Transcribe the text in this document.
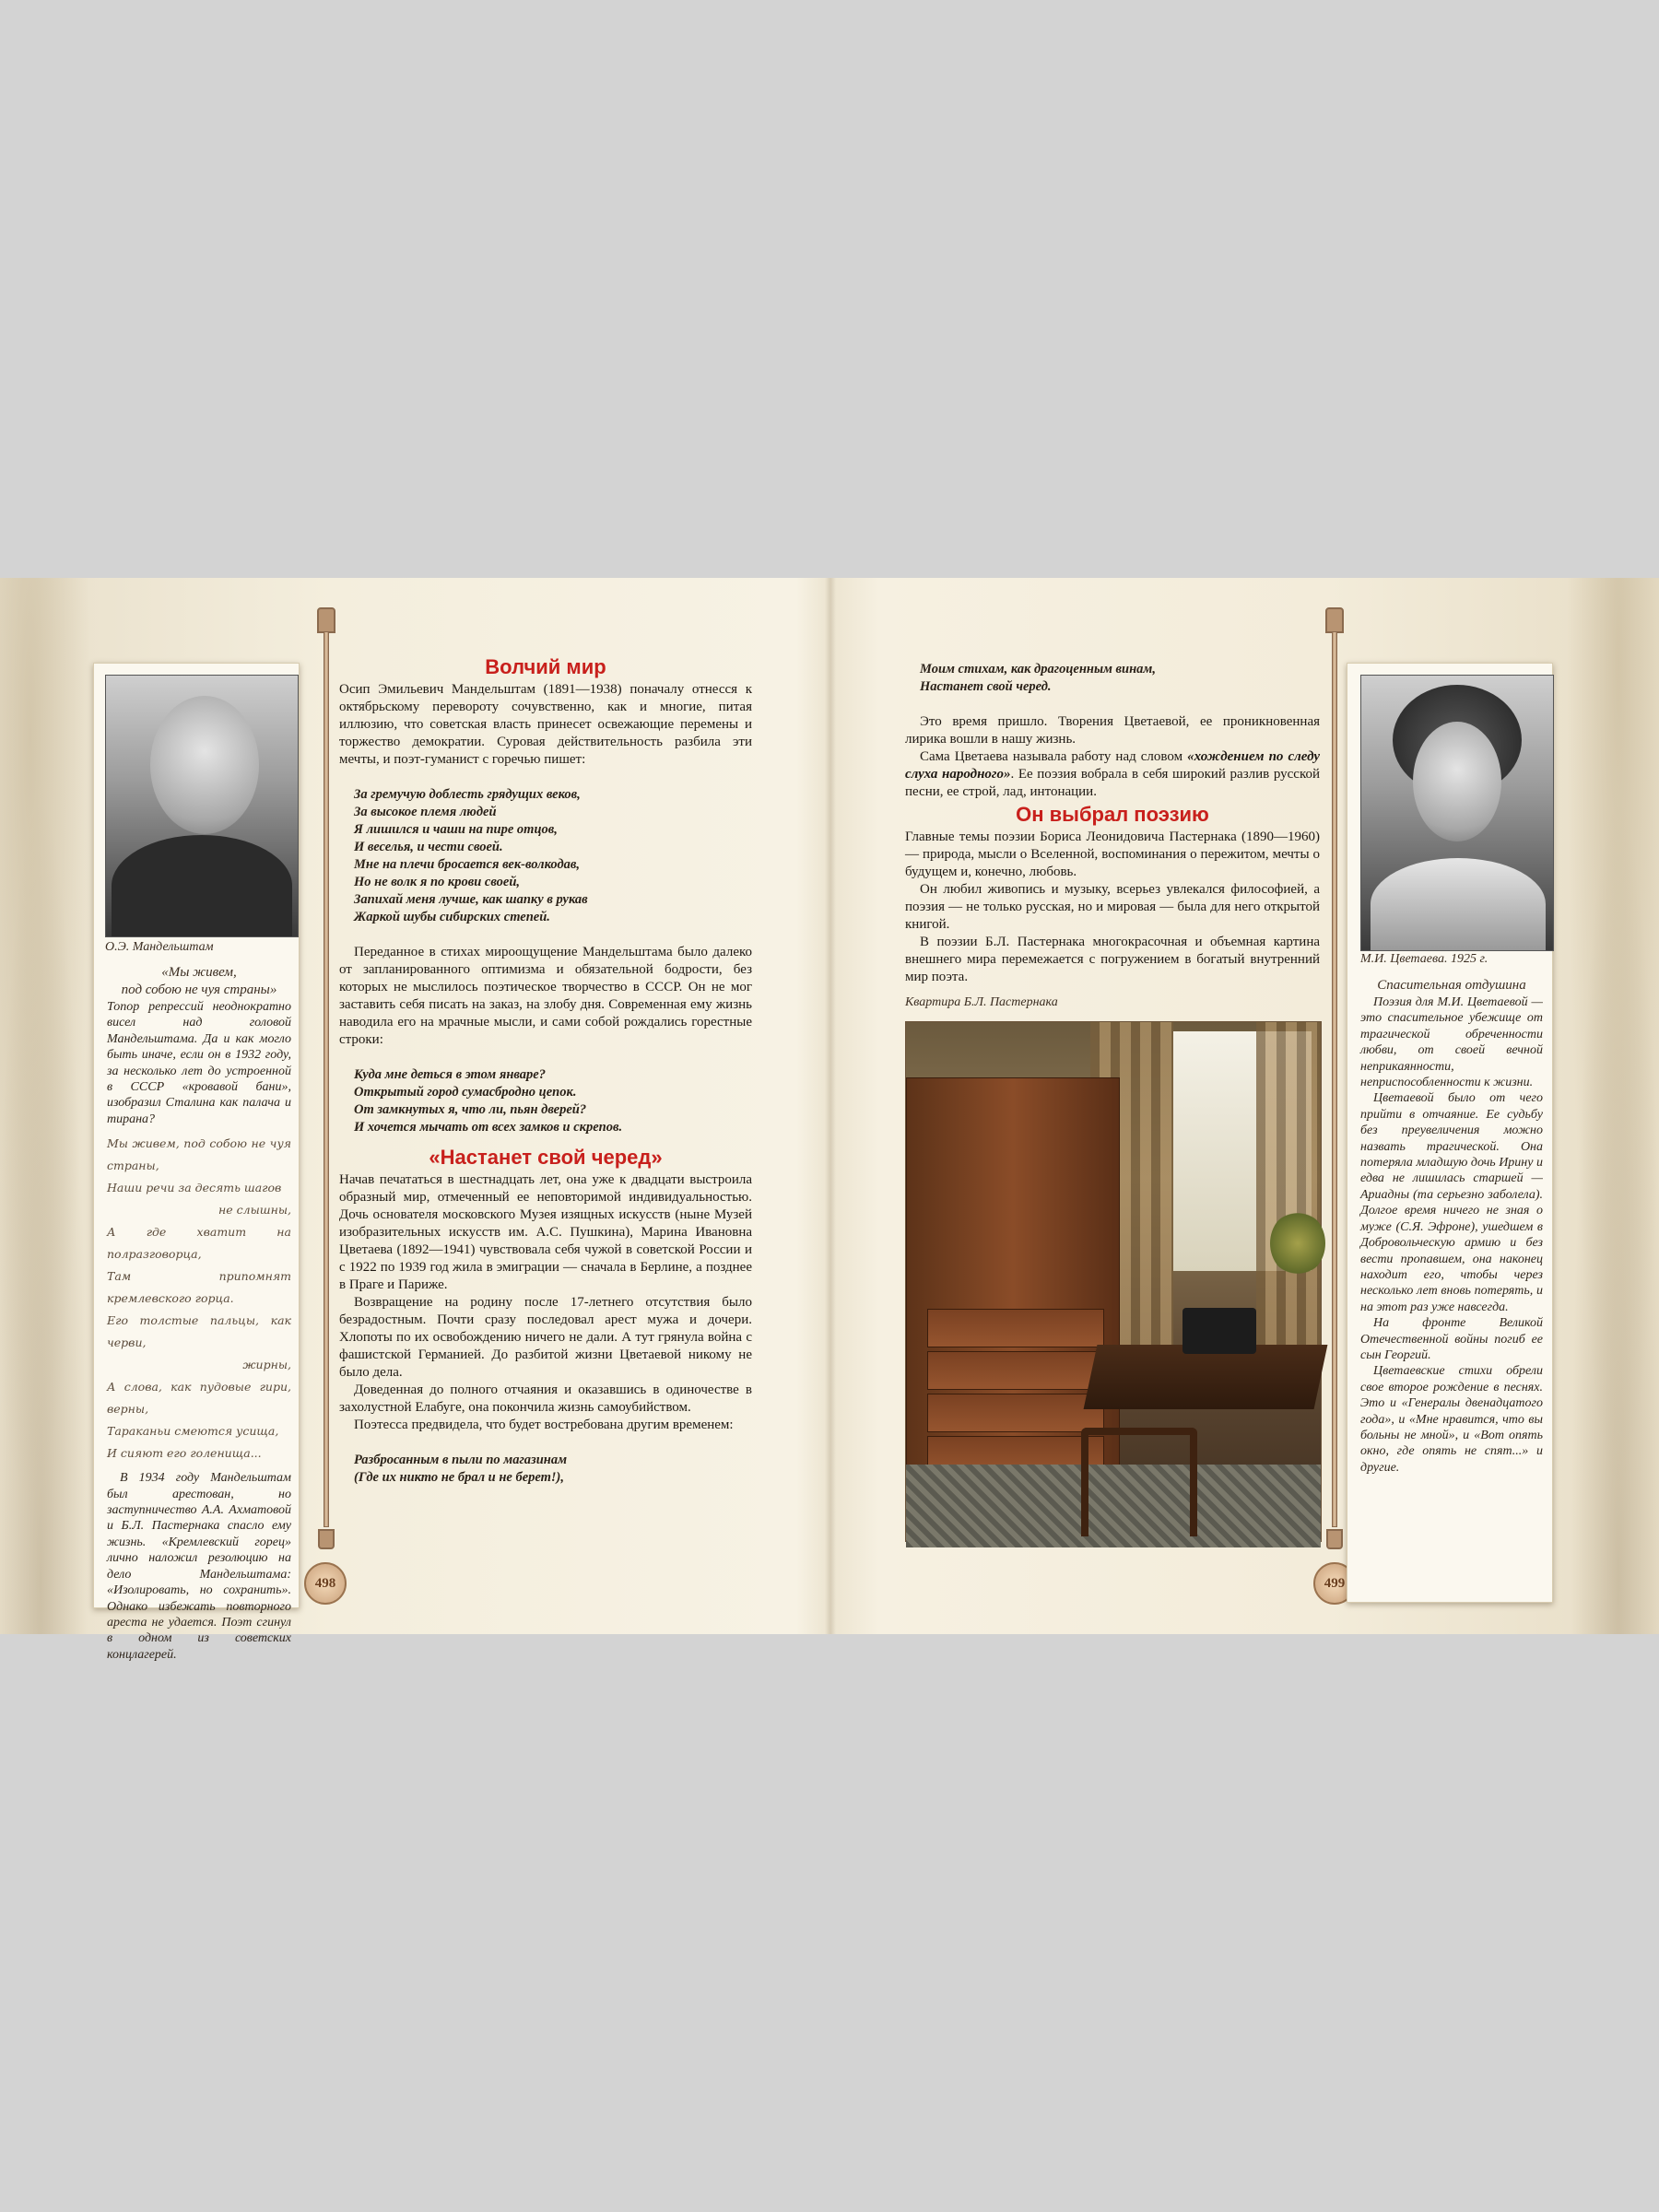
О.Э. Мандельштам
«Мы живем,
под собою не чуя страны»

Топор репрессий неоднократно висел над головой Мандельштама. Да и как могло быть иначе, если он в 1932 году, за несколько лет до устроенной в СССР «кровавой бани», изобразил Сталина как палача и тирана?

Мы живем, под собою не чуя страны,
Наши речи за десять шагов
не слышны,
А где хватит на полразговорца,
Там припомнят кремлевского горца.
Его толстые пальцы, как черви,
жирны,
А слова, как пудовые гири, верны,
Тараканьи смеются усища,
И сияют его голенища...

В 1934 году Мандельштам был арестован, но заступничество А.А. Ахматовой и Б.Л. Пастернака спасло ему жизнь. «Кремлевский горец» лично наложил резолюцию на дело Мандельштама: «Изолировать, но сохранить». Однако избежать повторного ареста не удается. Поэт сгинул в одном из советских концлагерей.

498
Волчий мир

Осип Эмильевич Мандельштам (1891—1938) поначалу отнесся к октябрьскому перевороту сочувственно, как и многие, питая иллюзию, что советская власть принесет освежающие перемены и торжество демократии. Суровая действительность разбила эти мечты, и поэт-гуманист с горечью пишет:

За гремучую доблесть грядущих веков,
За высокое племя людей
Я лишился и чаши на пире отцов,
И веселья, и чести своей.
Мне на плечи бросается век-волкодав,
Но не волк я по крови своей,
Запихай меня лучше, как шапку в рукав
Жаркой шубы сибирских степей.

Переданное в стихах мироощущение Мандельштама было далеко от запланированного оптимизма и обязательной бодрости, без которых не мыслилось поэтическое творчество в СССР. Он не мог заставить себя писать на заказ, на злобу дня. Современная ему жизнь наводила его на мрачные мысли, и сами собой рождались горестные строки:

Куда мне деться в этом январе?
Открытый город сумасбродно цепок.
От замкнутых я, что ли, пьян дверей?
И хочется мычать от всех замков и скрепов.
«Настанет свой черед»

Начав печататься в шестнадцать лет, она уже к двадцати выстроила образный мир, отмеченный ее неповторимой индивидуальностью. Дочь основателя московского Музея изящных искусств (ныне Музей изобразительных искусств им. А.С. Пушкина), Марина Ивановна Цветаева (1892—1941) чувствовала себя чужой в советской России и с 1922 по 1939 год жила в эмиграции — сначала в Берлине, а позднее в Праге и Париже.

Возвращение на родину после 17-летнего отсутствия было безрадостным. Почти сразу последовал арест мужа и дочери. Хлопоты по их освобождению ничего не дали. А тут грянула война с фашистской Германией. До разбитой жизни Цветаевой никому не было дела.

Доведенная до полного отчаяния и оказавшись в одиночестве в захолустной Елабуге, она покончила жизнь самоубийством.

Поэтесса предвидела, что будет востребована другим временем:

Разбросанным в пыли по магазинам
(Где их никто не брал и не берет!),
Моим стихам, как драгоценным винам,
Настанет свой черед.

Это время пришло. Творения Цветаевой, ее проникновенная лирика вошли в нашу жизнь.

Сама Цветаева называла работу над словом «хождением по следу слуха народного». Ее поэзия вобрала в себя широкий разлив русской песни, ее строй, лад, интонации.

Он выбрал поэзию

Главные темы поэзии Бориса Леонидовича Пастернака (1890—1960) — природа, мысли о Вселенной, воспоминания о пережитом, мечты о будущем и, конечно, любовь.

Он любил живопись и музыку, всерьез увлекался философией, а поэзия — не только русская, но и мировая — была для него открытой книгой.

В поэзии Б.Л. Пастернака многокрасочная и объемная картина внешнего мира перемежается с погружением в богатый внутренний мир поэта.

Квартира Б.Л. Пастернака
499
М.И. Цветаева. 1925 г.
Спасительная отдушина

Поэзия для М.И. Цветаевой — это спасительное убежище от трагической обреченности любви, от своей вечной неприкаянности, неприспособленности к жизни.

Цветаевой было от чего прийти в отчаяние. Ее судьбу без преувеличения можно назвать трагической. Она потеряла младшую дочь Ирину и едва не лишилась старшей — Ариадны (та серьезно заболела). Долгое время ничего не зная о муже (С.Я. Эфроне), ушедшем в Добровольческую армию и без вести пропавшем, она наконец находит его, чтобы через несколько лет вновь потерять, и на этот раз уже навсегда.

На фронте Великой Отечественной войны погиб ее сын Георгий.

Цветаевские стихи обрели свое второе рождение в песнях. Это и «Генералы двенадцатого года», и «Мне нравится, что вы больны не мной», и «Вот опять окно, где опять не спят...» и другие.
